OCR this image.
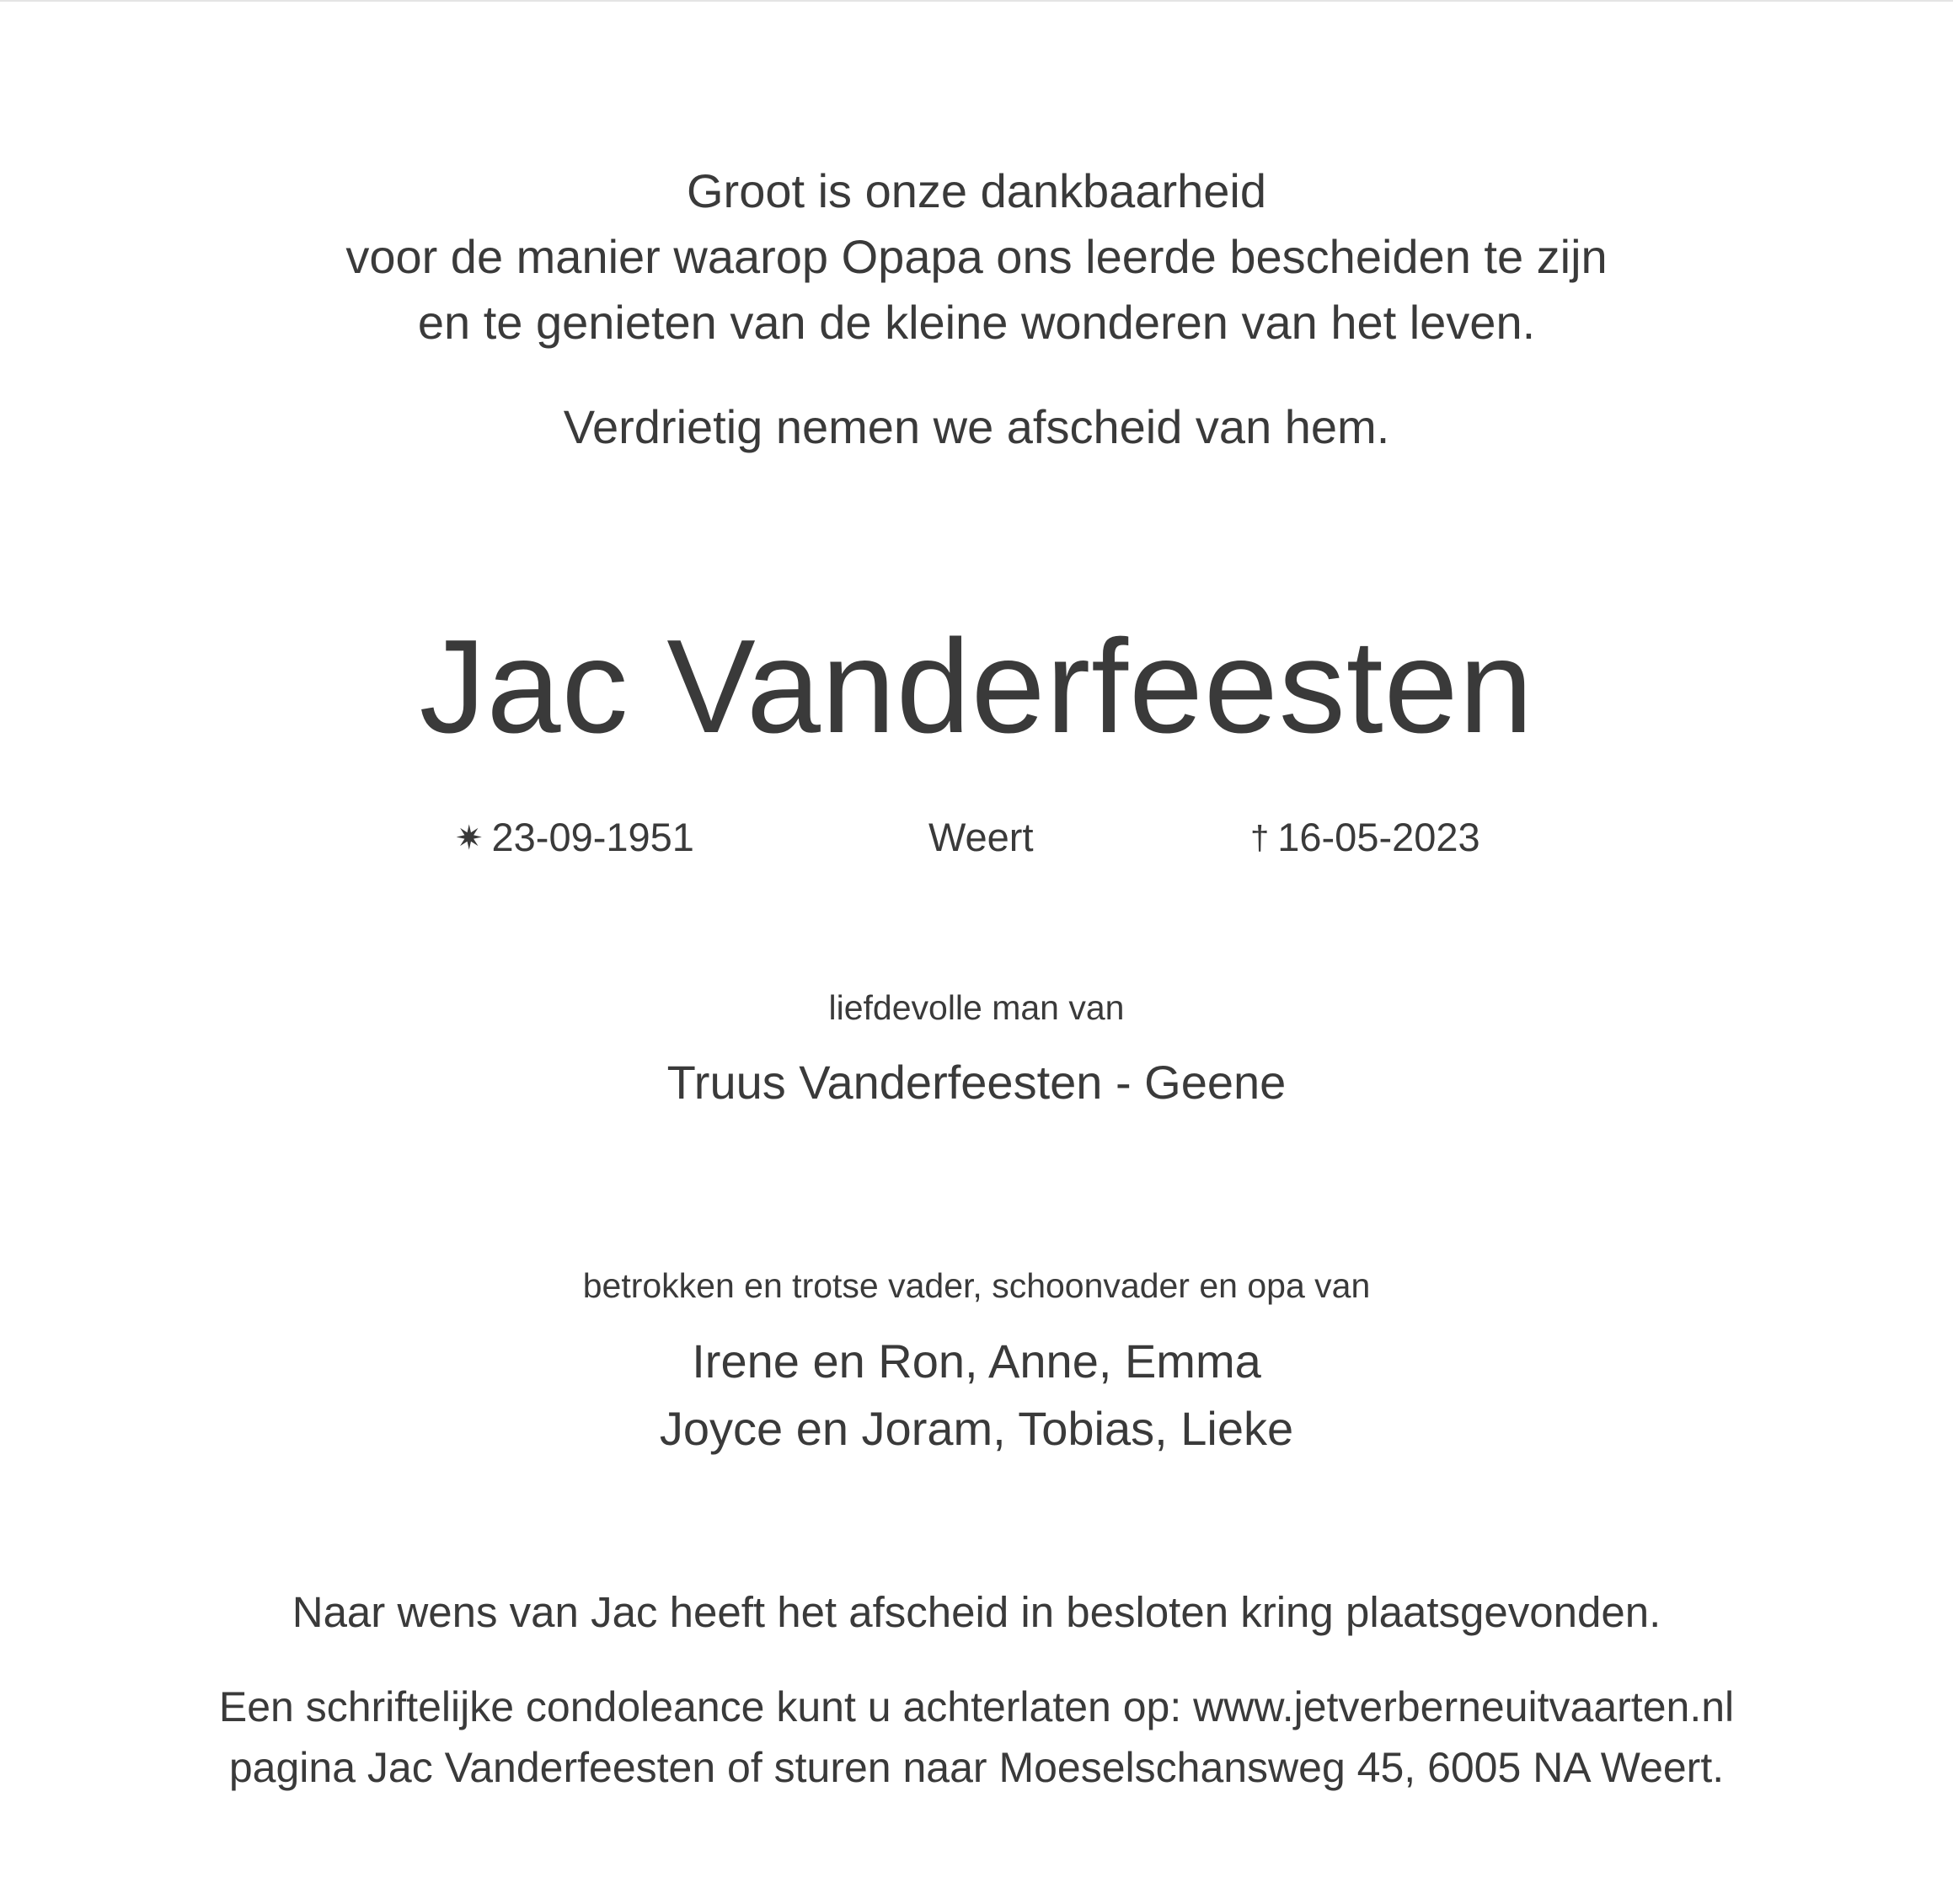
Groot is onze dankbaarheid
voor de manier waarop Opapa ons leerde bescheiden te zijn
en te genieten van de kleine wonderen van het leven.
Verdrietig nemen we afscheid van hem.
Jac Vanderfeesten
✷ 23-09-1951	Weert	† 16-05-2023
liefdevolle man van
Truus Vanderfeesten - Geene
betrokken en trotse vader, schoonvader en opa van
Irene en Ron, Anne, Emma
Joyce en Joram, Tobias, Lieke
Naar wens van Jac heeft het afscheid in besloten kring plaatsgevonden.
Een schriftelijke condoleance kunt u achterlaten op: www.jetverberneuitvaarten.nl
pagina Jac Vanderfeesten of sturen naar Moeselschansweg 45, 6005 NA Weert.
